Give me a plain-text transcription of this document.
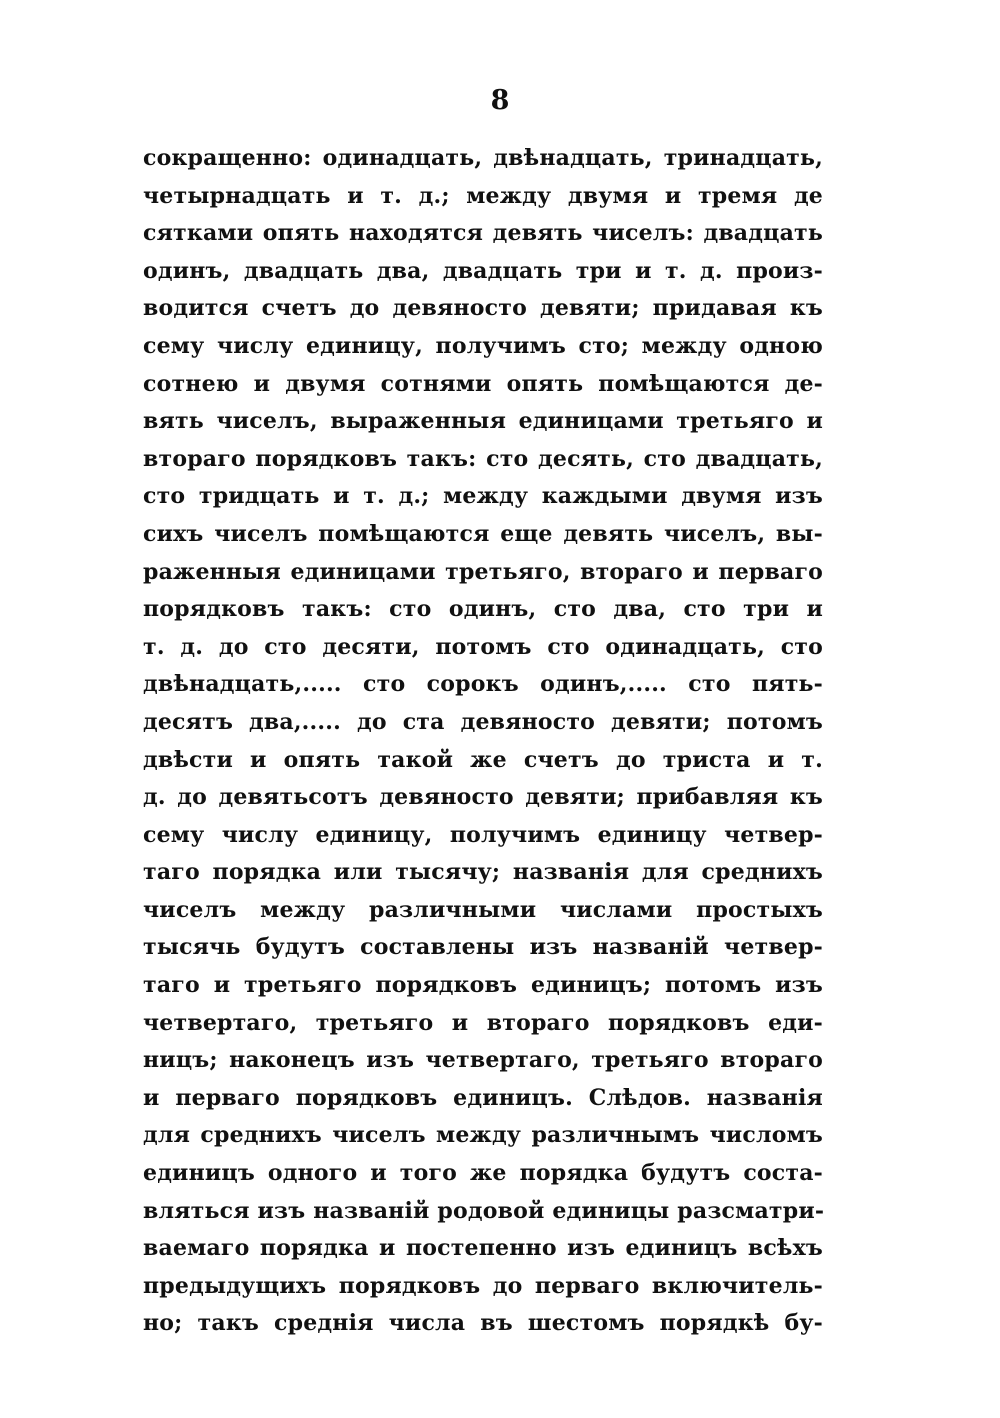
8
сокращенно: одинадцать, двѣнадцать, тринадцать,
четырнадцать и т. д.; между двумя и тремя де
сятками опять находятся девять чиселъ: двадцать
одинъ, двадцать два, двадцать три и т. д. произ-
водится счетъ до девяносто девяти; придавая къ
сему числу единицу, получимъ сто; между одною
сотнею и двумя сотнями опять помѣщаются де-
вять чиселъ, выраженныя единицами третьяго и
втораго порядковъ такъ: сто десять, сто двадцать,
сто тридцать и т. д.; между каждыми двумя изъ
сихъ чиселъ помѣщаются еще девять чиселъ, вы-
раженныя единицами третьяго, втораго и перваго
порядковъ такъ: сто одинъ, сто два, сто три и
т. д. до сто десяти, потомъ сто одинадцать, сто
двѣнадцать,..... сто сорокъ одинъ,..... сто пять-
десятъ два,..... до ста девяносто девяти; потомъ
двѣсти и опять такой же счетъ до триста и т.
д. до девятьсотъ девяносто девяти; прибавляя къ
сему числу единицу, получимъ единицу четвер-
таго порядка или тысячу; названія для среднихъ
чиселъ между различными числами простыхъ
тысячь будутъ составлены изъ названій четвер-
таго и третьяго порядковъ единицъ; потомъ изъ
четвертаго, третьяго и втораго порядковъ еди-
ницъ; наконецъ изъ четвертаго, третьяго втораго
и перваго порядковъ единицъ. Слѣдов. названія
для среднихъ чиселъ между различнымъ числомъ
единицъ одного и того же порядка будутъ соста-
вляться изъ названій родовой единицы разсматри-
ваемаго порядка и постепенно изъ единицъ всѣхъ
предыдущихъ порядковъ до перваго включитель-
но; такъ среднія числа въ шестомъ порядкѣ бу-
